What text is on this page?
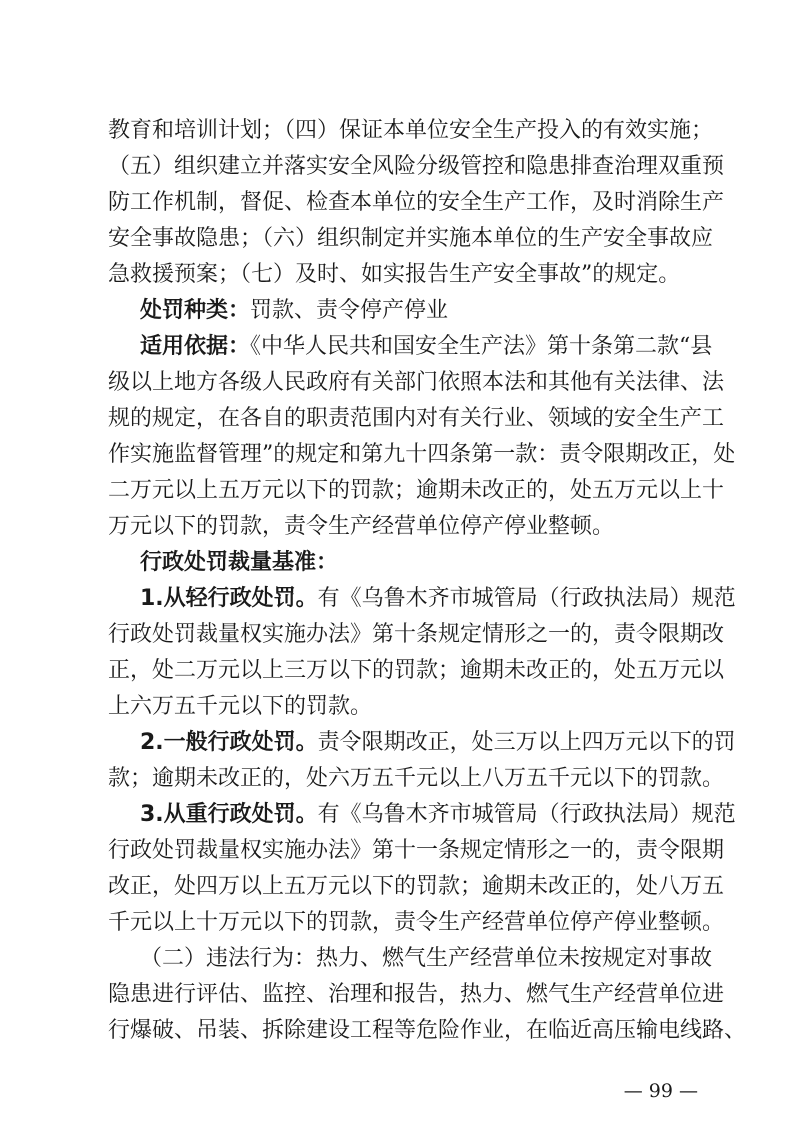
教育和培训计划；（四）保证本单位安全生产投入的有效实施；
（五）组织建立并落实安全风险分级管控和隐患排查治理双重预
防工作机制，督促、检查本单位的安全生产工作，及时消除生产
安全事故隐患；（六）组织制定并实施本单位的生产安全事故应
急救援预案；（七）及时、如实报告生产安全事故”的规定。
处罚种类：罚款、责令停产停业
适用依据：《中华人民共和国安全生产法》第十条第二款“县
级以上地方各级人民政府有关部门依照本法和其他有关法律、法
规的规定，在各自的职责范围内对有关行业、领域的安全生产工
作实施监督管理”的规定和第九十四条第一款：责令限期改正，处
二万元以上五万元以下的罚款；逾期未改正的，处五万元以上十
万元以下的罚款，责令生产经营单位停产停业整顿。
行政处罚裁量基准：
1.从轻行政处罚。有《乌鲁木齐市城管局（行政执法局）规范
行政处罚裁量权实施办法》第十条规定情形之一的，责令限期改
正，处二万元以上三万以下的罚款；逾期未改正的，处五万元以
上六万五千元以下的罚款。
2.一般行政处罚。责令限期改正，处三万以上四万元以下的罚
款；逾期未改正的，处六万五千元以上八万五千元以下的罚款。
3.从重行政处罚。有《乌鲁木齐市城管局（行政执法局）规范
行政处罚裁量权实施办法》第十一条规定情形之一的，责令限期
改正，处四万以上五万元以下的罚款；逾期未改正的，处八万五
千元以上十万元以下的罚款，责令生产经营单位停产停业整顿。
（二）违法行为：热力、燃气生产经营单位未按规定对事故
隐患进行评估、监控、治理和报告，热力、燃气生产经营单位进
行爆破、吊装、拆除建设工程等危险作业，在临近高压输电线路、
— 99 —
